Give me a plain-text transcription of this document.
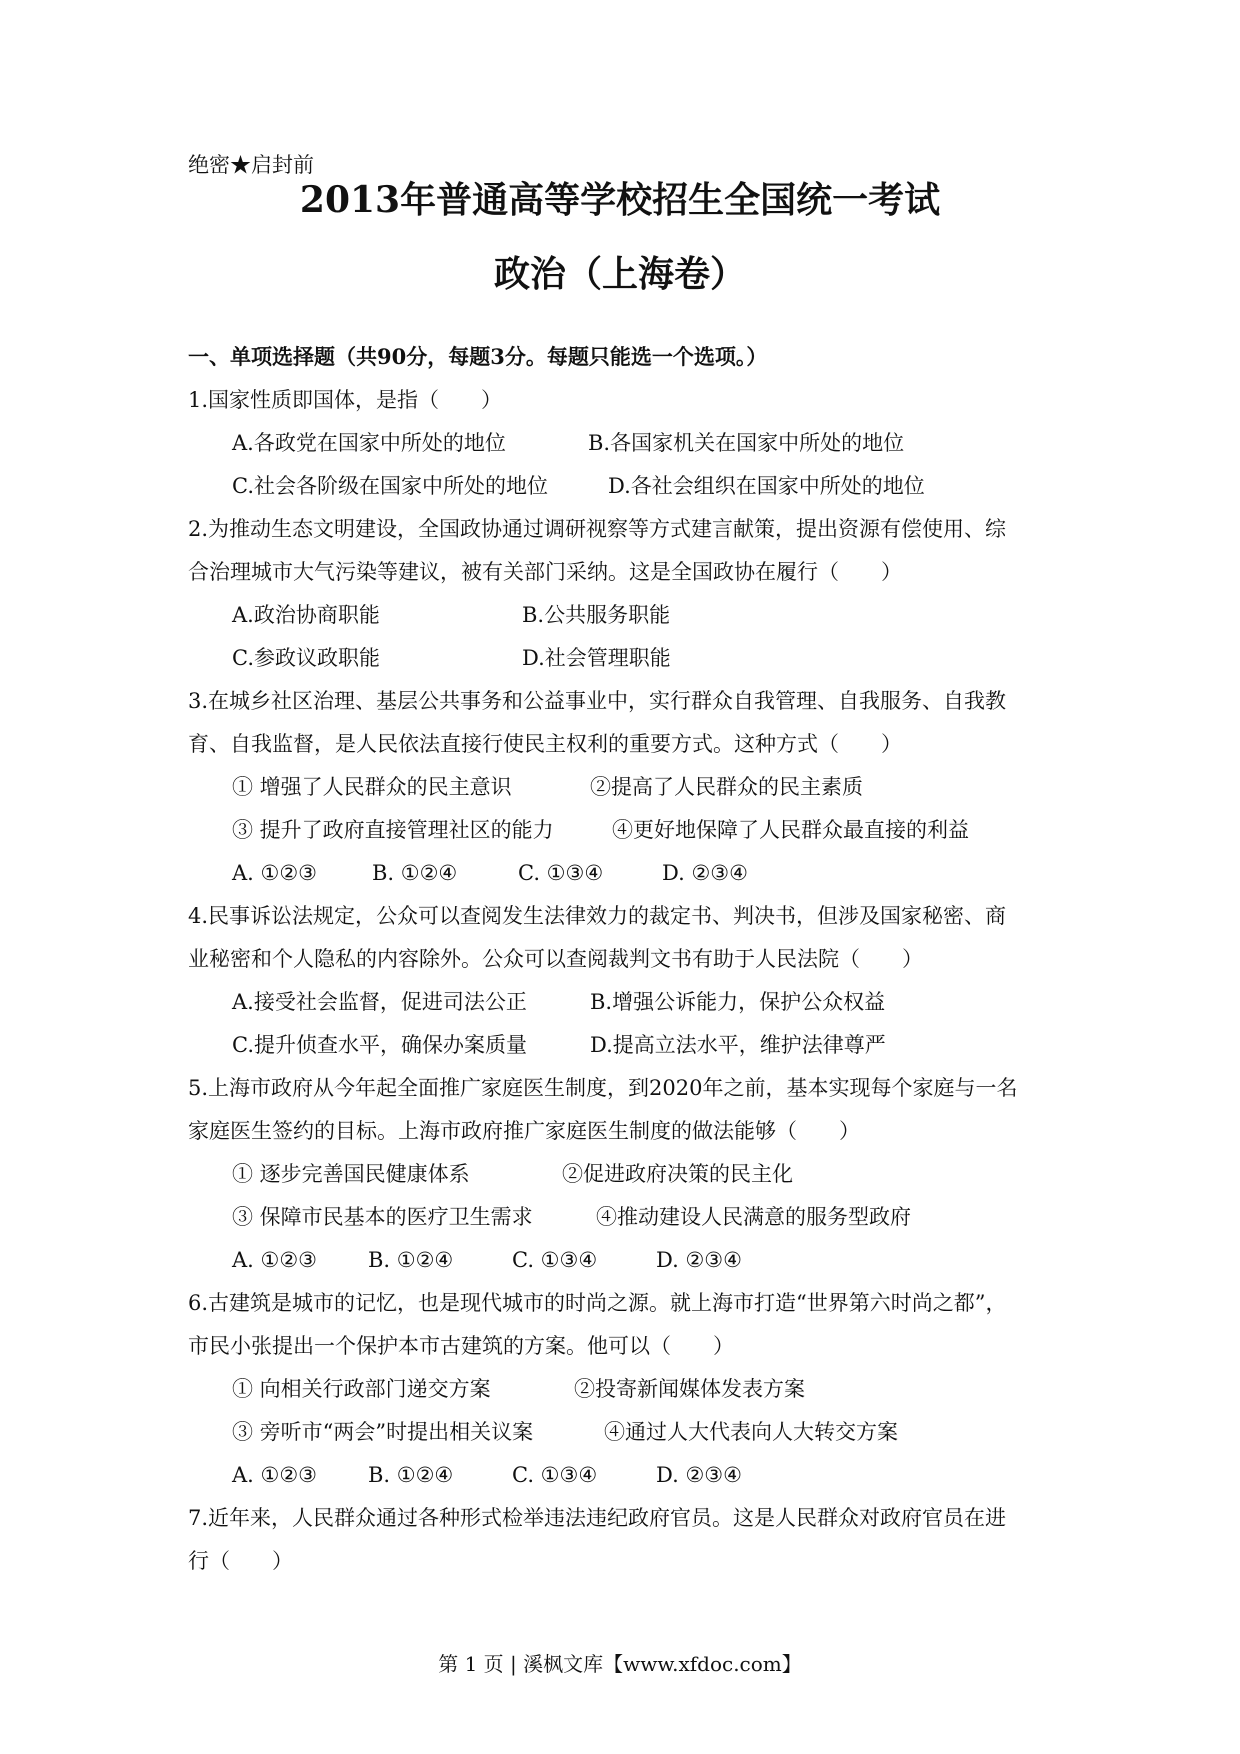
绝密★启封前
2013年普通高等学校招生全国统一考试
政治（上海卷）
一、单项选择题（共90分，每题3分。每题只能选一个选项。）
1.国家性质即国体，是指（　　）
A.各政党在国家中所处的地位	B.各国家机关在国家中所处的地位
C.社会各阶级在国家中所处的地位	D.各社会组织在国家中所处的地位
2.为推动生态文明建设，全国政协通过调研视察等方式建言献策，提出资源有偿使用、综
合治理城市大气污染等建议，被有关部门采纳。这是全国政协在履行（　　）
A.政治协商职能	B.公共服务职能
C.参政议政职能	D.社会管理职能
3.在城乡社区治理、基层公共事务和公益事业中，实行群众自我管理、自我服务、自我教
育、自我监督，是人民依法直接行使民主权利的重要方式。这种方式（　　）
① 增强了人民群众的民主意识	②提高了人民群众的民主素质
③ 提升了政府直接管理社区的能力	④更好地保障了人民群众最直接的利益
A. ①②③	B. ①②④	C. ①③④	D. ②③④
4.民事诉讼法规定，公众可以查阅发生法律效力的裁定书、判决书，但涉及国家秘密、商
业秘密和个人隐私的内容除外。公众可以查阅裁判文书有助于人民法院（　　）
A.接受社会监督，促进司法公正	B.增强公诉能力，保护公众权益
C.提升侦查水平，确保办案质量	D.提高立法水平，维护法律尊严
5.上海市政府从今年起全面推广家庭医生制度，到2020年之前，基本实现每个家庭与一名
家庭医生签约的目标。上海市政府推广家庭医生制度的做法能够（　　）
① 逐步完善国民健康体系	②促进政府决策的民主化
③ 保障市民基本的医疗卫生需求	④推动建设人民满意的服务型政府
A. ①②③ B. ①②④	C. ①③④	D. ②③④
6.古建筑是城市的记忆，也是现代城市的时尚之源。就上海市打造“世界第六时尚之都”，
市民小张提出一个保护本市古建筑的方案。他可以（　　）
① 向相关行政部门递交方案	②投寄新闻媒体发表方案
③ 旁听市“两会”时提出相关议案	④通过人大代表向人大转交方案
A. ①②③ B. ①②④	C. ①③④	D. ②③④
7.近年来，人民群众通过各种形式检举违法违纪政府官员。这是人民群众对政府官员在进
行（　　）
第 1 页 | 溪枫文库【www.xfdoc.com】
